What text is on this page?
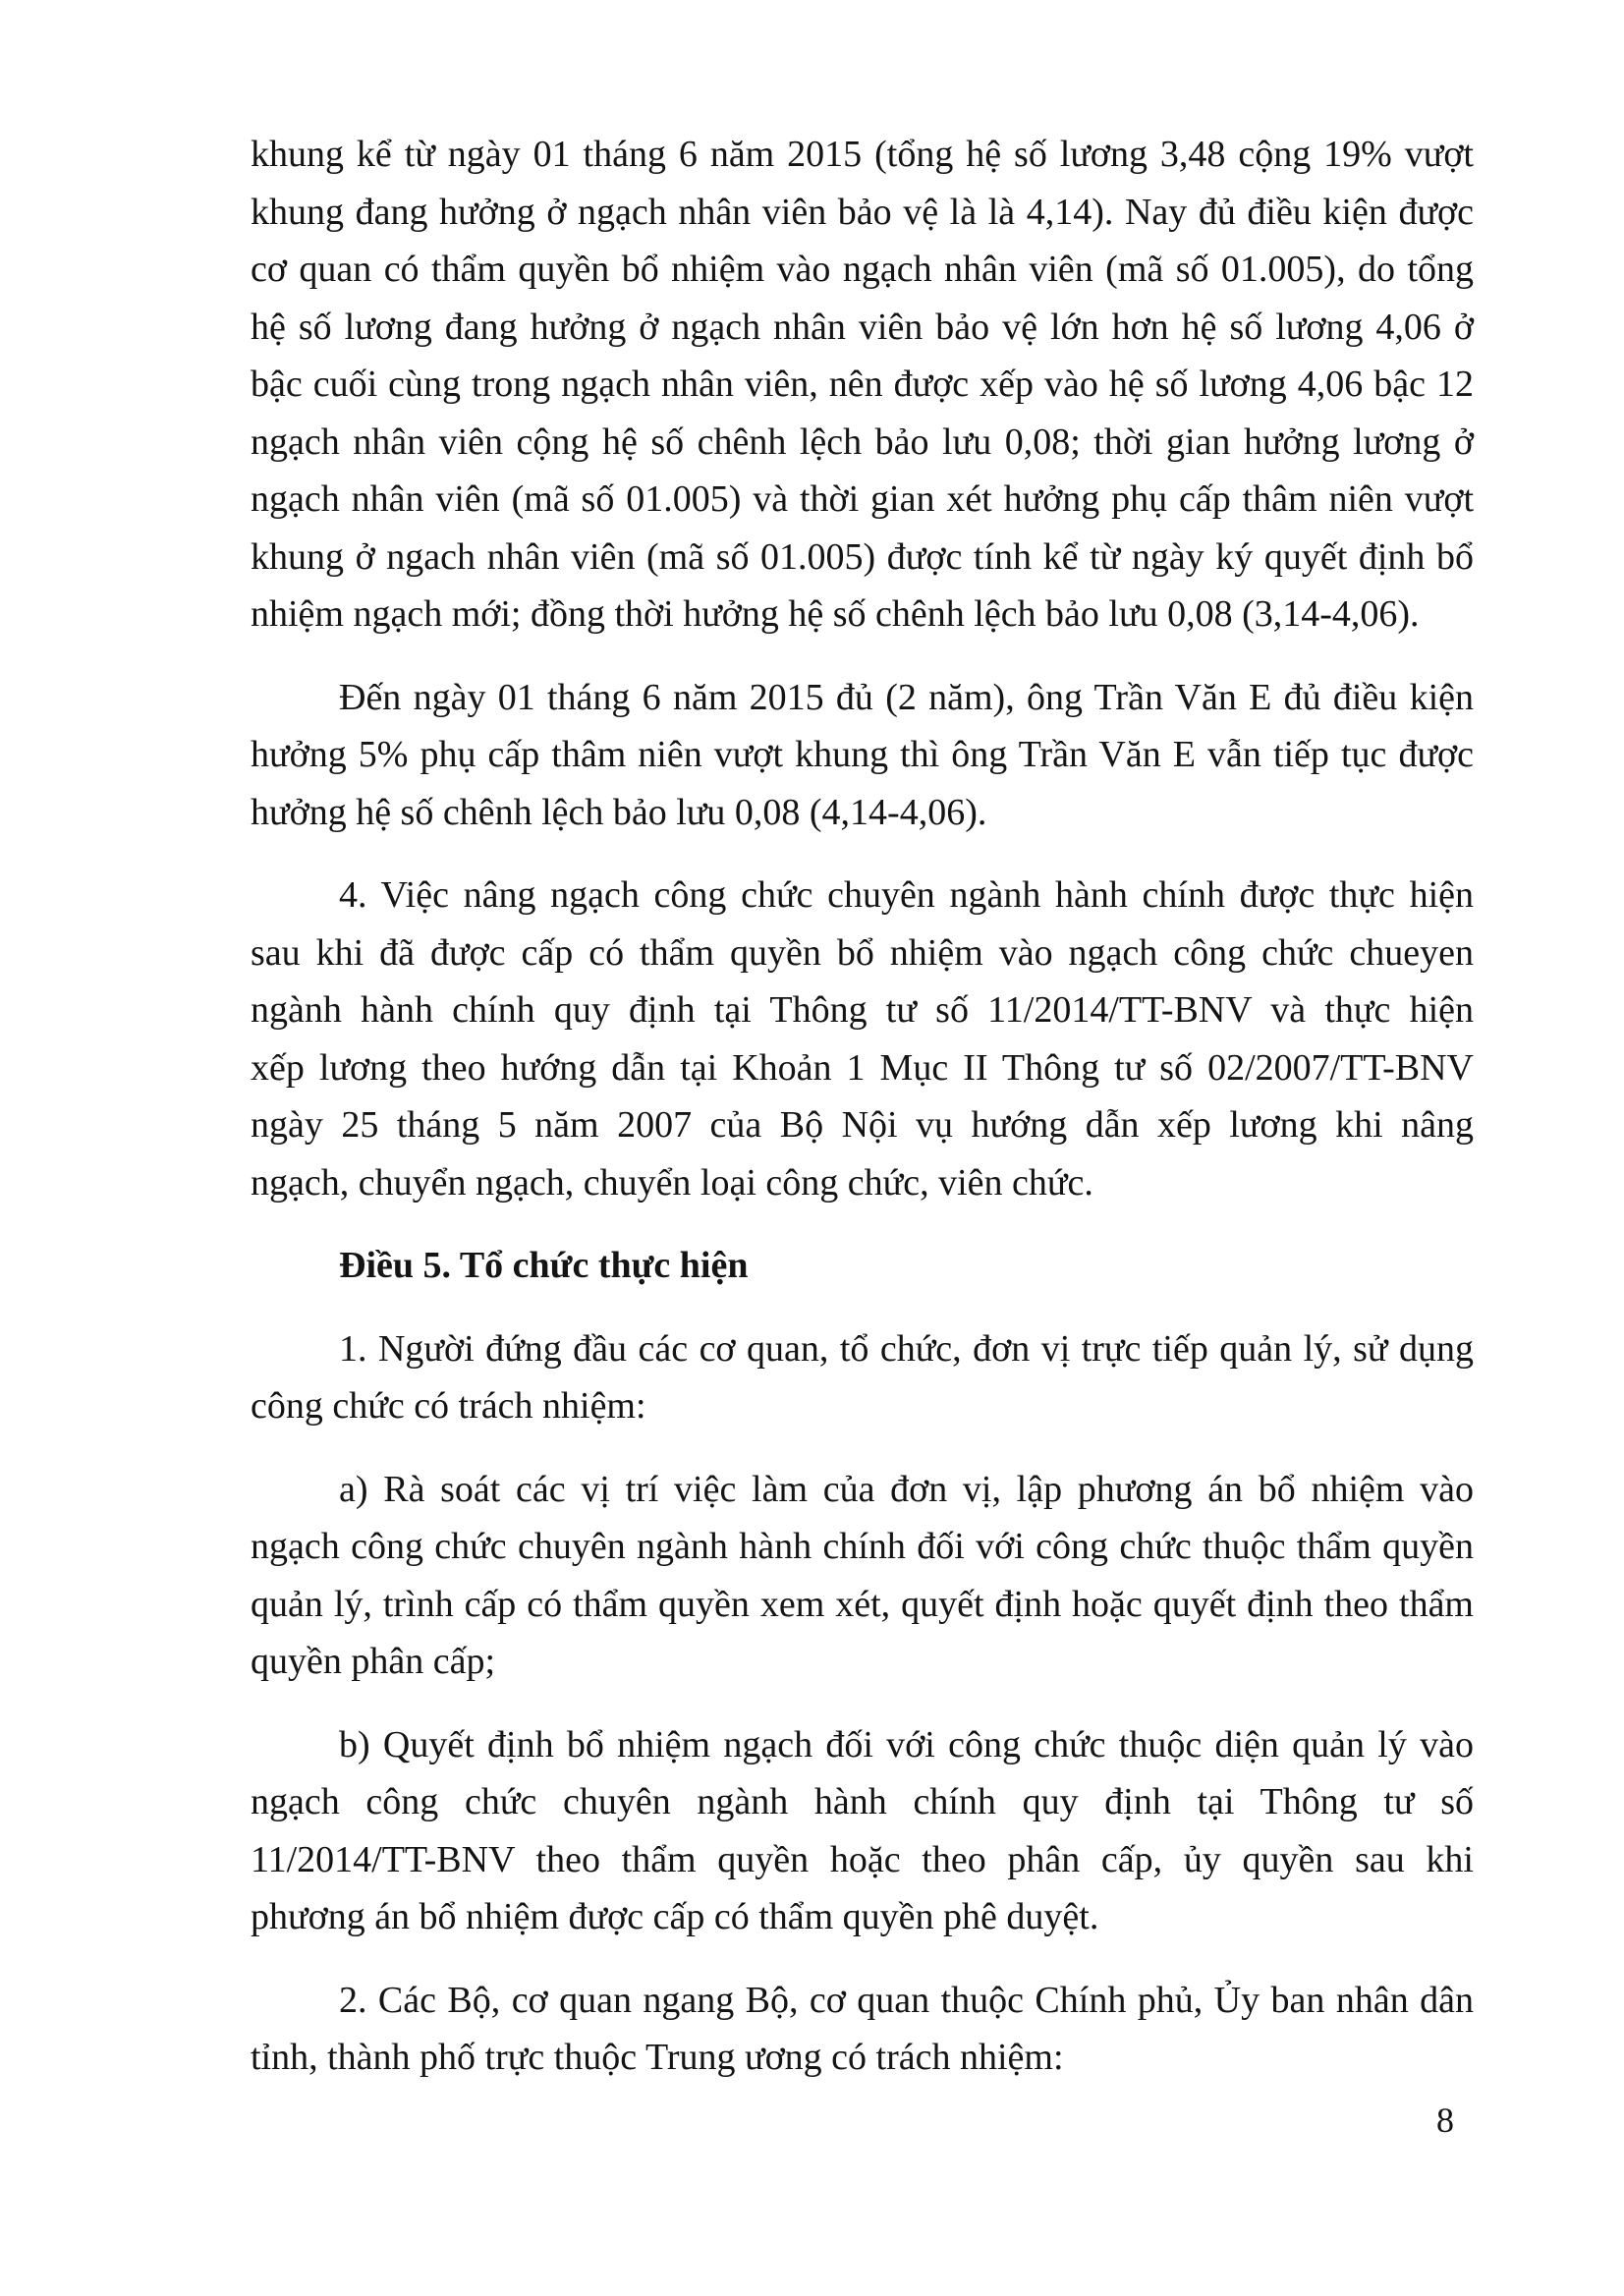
khung kể từ ngày 01 tháng 6 năm 2015 (tổng hệ số lương 3,48 cộng 19% vượt
khung đang hưởng ở ngạch nhân viên bảo vệ là là 4,14). Nay đủ điều kiện được
cơ quan có thẩm quyền bổ nhiệm vào ngạch nhân viên (mã số 01.005), do tổng
hệ số lương đang hưởng ở ngạch nhân viên bảo vệ lớn hơn hệ số lương 4,06 ở
bậc cuối cùng trong ngạch nhân viên, nên được xếp vào hệ số lương 4,06 bậc 12
ngạch nhân viên cộng hệ số chênh lệch bảo lưu 0,08; thời gian hưởng lương ở
ngạch nhân viên (mã số 01.005) và thời gian xét hưởng phụ cấp thâm niên vượt
khung ở ngach nhân viên (mã số 01.005) được tính kể từ ngày ký quyết định bổ
nhiệm ngạch mới; đồng thời hưởng hệ số chênh lệch bảo lưu 0,08 (3,14-4,06).

Đến ngày 01 tháng 6 năm 2015 đủ (2 năm), ông Trần Văn E đủ điều kiện
hưởng 5% phụ cấp thâm niên vượt khung thì ông Trần Văn E vẫn tiếp tục được
hưởng hệ số chênh lệch bảo lưu 0,08 (4,14-4,06).

4. Việc nâng ngạch công chức chuyên ngành hành chính được thực hiện
sau khi đã được cấp có thẩm quyền bổ nhiệm vào ngạch công chức chueyen
ngành hành chính quy định tại Thông tư số 11/2014/TT-BNV và thực hiện
xếp lương theo hướng dẫn tại Khoản 1 Mục II Thông tư số 02/2007/TT-BNV
ngày 25 tháng 5 năm 2007 của Bộ Nội vụ hướng dẫn xếp lương khi nâng
ngạch, chuyển ngạch, chuyển loại công chức, viên chức.

Điều 5. Tổ chức thực hiện

1. Người đứng đầu các cơ quan, tổ chức, đơn vị trực tiếp quản lý, sử dụng
công chức có trách nhiệm:

a) Rà soát các vị trí việc làm của đơn vị, lập phương án bổ nhiệm vào
ngạch công chức chuyên ngành hành chính đối với công chức thuộc thẩm quyền
quản lý, trình cấp có thẩm quyền xem xét, quyết định hoặc quyết định theo thẩm
quyền phân cấp;

b) Quyết định bổ nhiệm ngạch đối với công chức thuộc diện quản lý vào
ngạch công chức chuyên ngành hành chính quy định tại Thông tư số
11/2014/TT-BNV theo thẩm quyền hoặc theo phân cấp, ủy quyền sau khi
phương án bổ nhiệm được cấp có thẩm quyền phê duyệt.

2. Các Bộ, cơ quan ngang Bộ, cơ quan thuộc Chính phủ, Ủy ban nhân dân
tỉnh, thành phố trực thuộc Trung ương có trách nhiệm:

8
